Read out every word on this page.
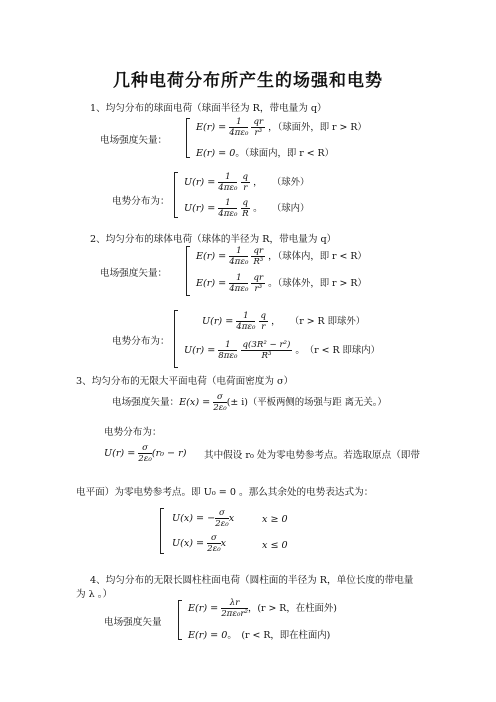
几种电荷分布所产生的场强和电势
1、均匀分布的球面电荷（球面半径为 R，带电量为 q）
电场强度矢量：
$E(r) = \frac{1}{\text{4πε₀}}$
$\frac{qr}{\text{r³}}$ ，（球面外，即 r > R）
E(r) = 0。（球面内，即 r < R）
电势分布为：
$U(r) = \frac{1}{\text{4πε₀}}$
$\frac{q}{r}$ ，　　（球外）
$U(r) = \frac{1}{\text{4πε₀}}$
$\frac{q}{R}$ 。　　（球内）
2、均匀分布的球体电荷（球体的半径为 R，带电量为 q）
电场强度矢量：
$E(r) = \frac{1}{\text{4πε₀}}$
$\frac{qr}{\text{R³}}$ ，（球体内，即 r < R）
$E(r) = \frac{1}{\text{4πε₀}}$
$\frac{qr}{\text{r³}}$ 。（球体外，即 r > R）
电势分布为：
$U(r) = \frac{1}{\text{4πε₀}}$
$\frac{q}{r}$ ，　　（r > R 即球外）
$U(r) = \frac{1}{\text{8πε₀}}$
$\frac{\text{q(3R² − r²)}}{\text{R³}}$ 。　（r < R 即球内）
3、均匀分布的无限大平面电荷（电荷面密度为 σ）
电场强度矢量：$E(x) = \frac{\sigma}{\text{2ε₀}}$ (± i)（平板两侧的场强与距 离无关。）
电势分布为：
$U(r) = \frac{\sigma}{\text{2ε₀}} (r_0 - r)$ 其中假设 r₀ 处为零电势参考点。若选取原点（即带
电平面）为零电势参考点。即 U₀ = 0 。那么其余处的电势表达式为：
U(x) = − $\frac{\sigma}{\text{2ε₀}}$ x	x ≥ 0
$U(x) = \frac{\sigma}{\text{2ε₀}}$ x	x ≤ 0
4、均匀分布的无限长圆柱柱面电荷（圆柱面的半径为 R，单位长度的带电量
为 λ 。）
电场强度矢量
$E(r) = \frac{\lambda r}{\text{2πε₀r²}}$ ，(r > R，在柱面外)
E(r) = 0。　(r < R，即在柱面内)
